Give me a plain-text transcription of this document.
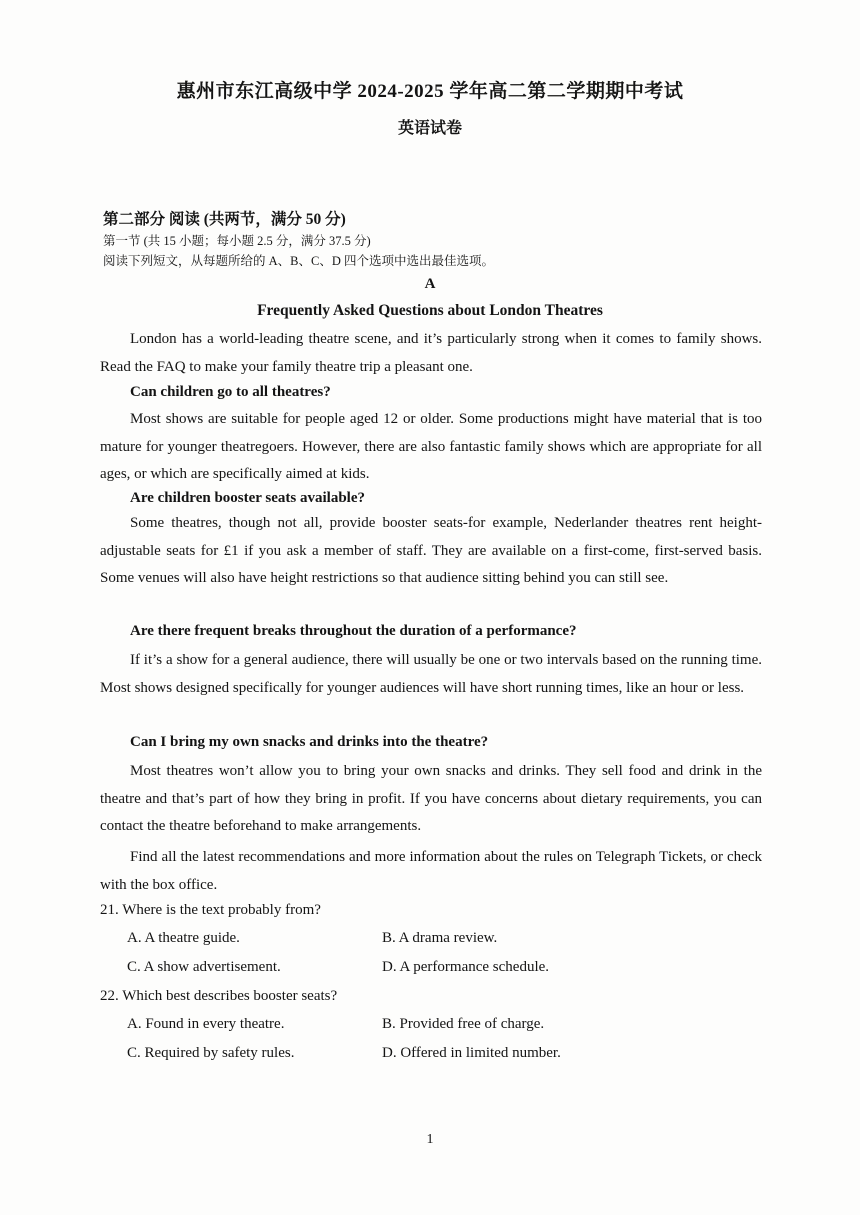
惠州市东江高级中学 2024-2025 学年高二第二学期期中考试
英语试卷
第二部分 阅读 (共两节，满分 50 分)
第一节 (共 15 小题；每小题 2.5 分，满分 37.5 分)
阅读下列短文，从每题所给的 A、B、C、D 四个选项中选出最佳选项。
A
Frequently Asked Questions about London Theatres
London has a world-leading theatre scene, and it’s particularly strong when it comes to family shows. Read the FAQ to make your family theatre trip a pleasant one.
Can children go to all theatres?
Most shows are suitable for people aged 12 or older. Some productions might have material that is too mature for younger theatregoers. However, there are also fantastic family shows which are appropriate for all ages, or which are specifically aimed at kids.
Are children booster seats available?
Some theatres, though not all, provide booster seats-for example, Nederlander theatres rent height-adjustable seats for £1 if you ask a member of staff. They are available on a first-come, first-served basis. Some venues will also have height restrictions so that audience sitting behind you can still see.
Are there frequent breaks throughout the duration of a performance?
If it’s a show for a general audience, there will usually be one or two intervals based on the running time. Most shows designed specifically for younger audiences will have short running times, like an hour or less.
Can I bring my own snacks and drinks into the theatre?
Most theatres won’t allow you to bring your own snacks and drinks. They sell food and drink in the theatre and that’s part of how they bring in profit. If you have concerns about dietary requirements, you can contact the theatre beforehand to make arrangements.
Find all the latest recommendations and more information about the rules on Telegraph Tickets, or check with the box office.
21. Where is the text probably from?
A. A theatre guide.	B. A drama review.
C. A show advertisement.	D. A performance schedule.
22. Which best describes booster seats?
A. Found in every theatre.	B. Provided free of charge.
C. Required by safety rules.	D. Offered in limited number.
1
